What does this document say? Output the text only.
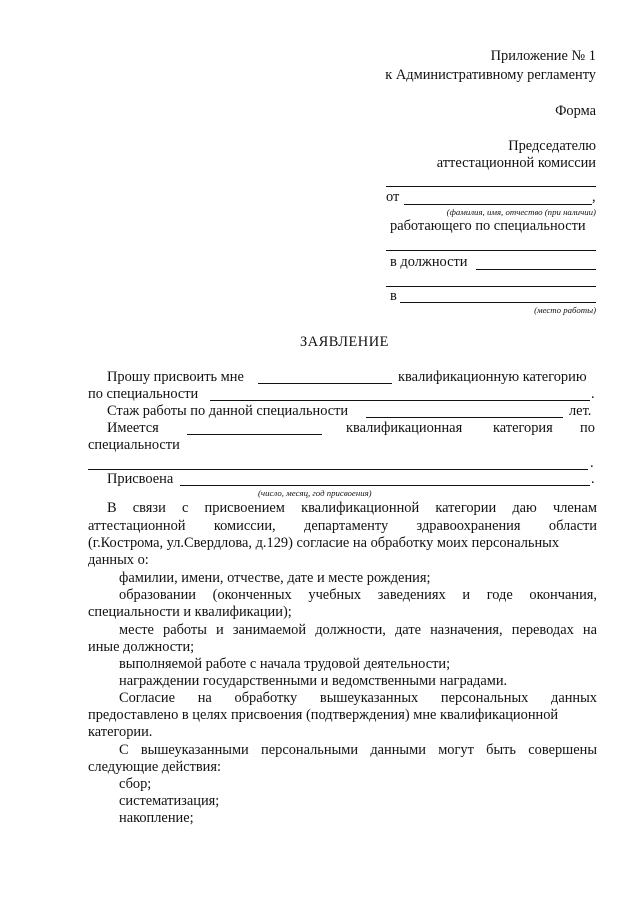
Приложение № 1
к Административному регламенту
Форма
Председателю
аттестационной комиссии
от	,
(фамилия, имя, отчество (при наличии)
работающего по специальности
в должности
в
(место работы)
ЗАЯВЛЕНИЕ
Прошу присвоить мне	квалификационную категорию
по специальности	.
Стаж работы по данной специальности	лет.
Имеется	квалификационная категория по
специальности
.
Присвоена	.
(число, месяц, год присвоения)
В связи с присвоением квалификационной категории даю членам
аттестационной комиссии, департаменту здравоохранения области
(г.Кострома, ул.Свердлова, д.129) согласие на обработку моих персональных
данных о:
фамилии, имени, отчестве, дате и месте рождения;
образовании (оконченных учебных заведениях и годе окончания,
специальности и квалификации);
месте работы и занимаемой должности, дате назначения, переводах на
иные должности;
выполняемой работе с начала трудовой деятельности;
награждении государственными и ведомственными наградами.
Согласие на обработку вышеуказанных персональных данных
предоставлено в целях присвоения (подтверждения) мне квалификационной
категории.
С вышеуказанными персональными данными могут быть совершены
следующие действия:
сбор;
систематизация;
накопление;
